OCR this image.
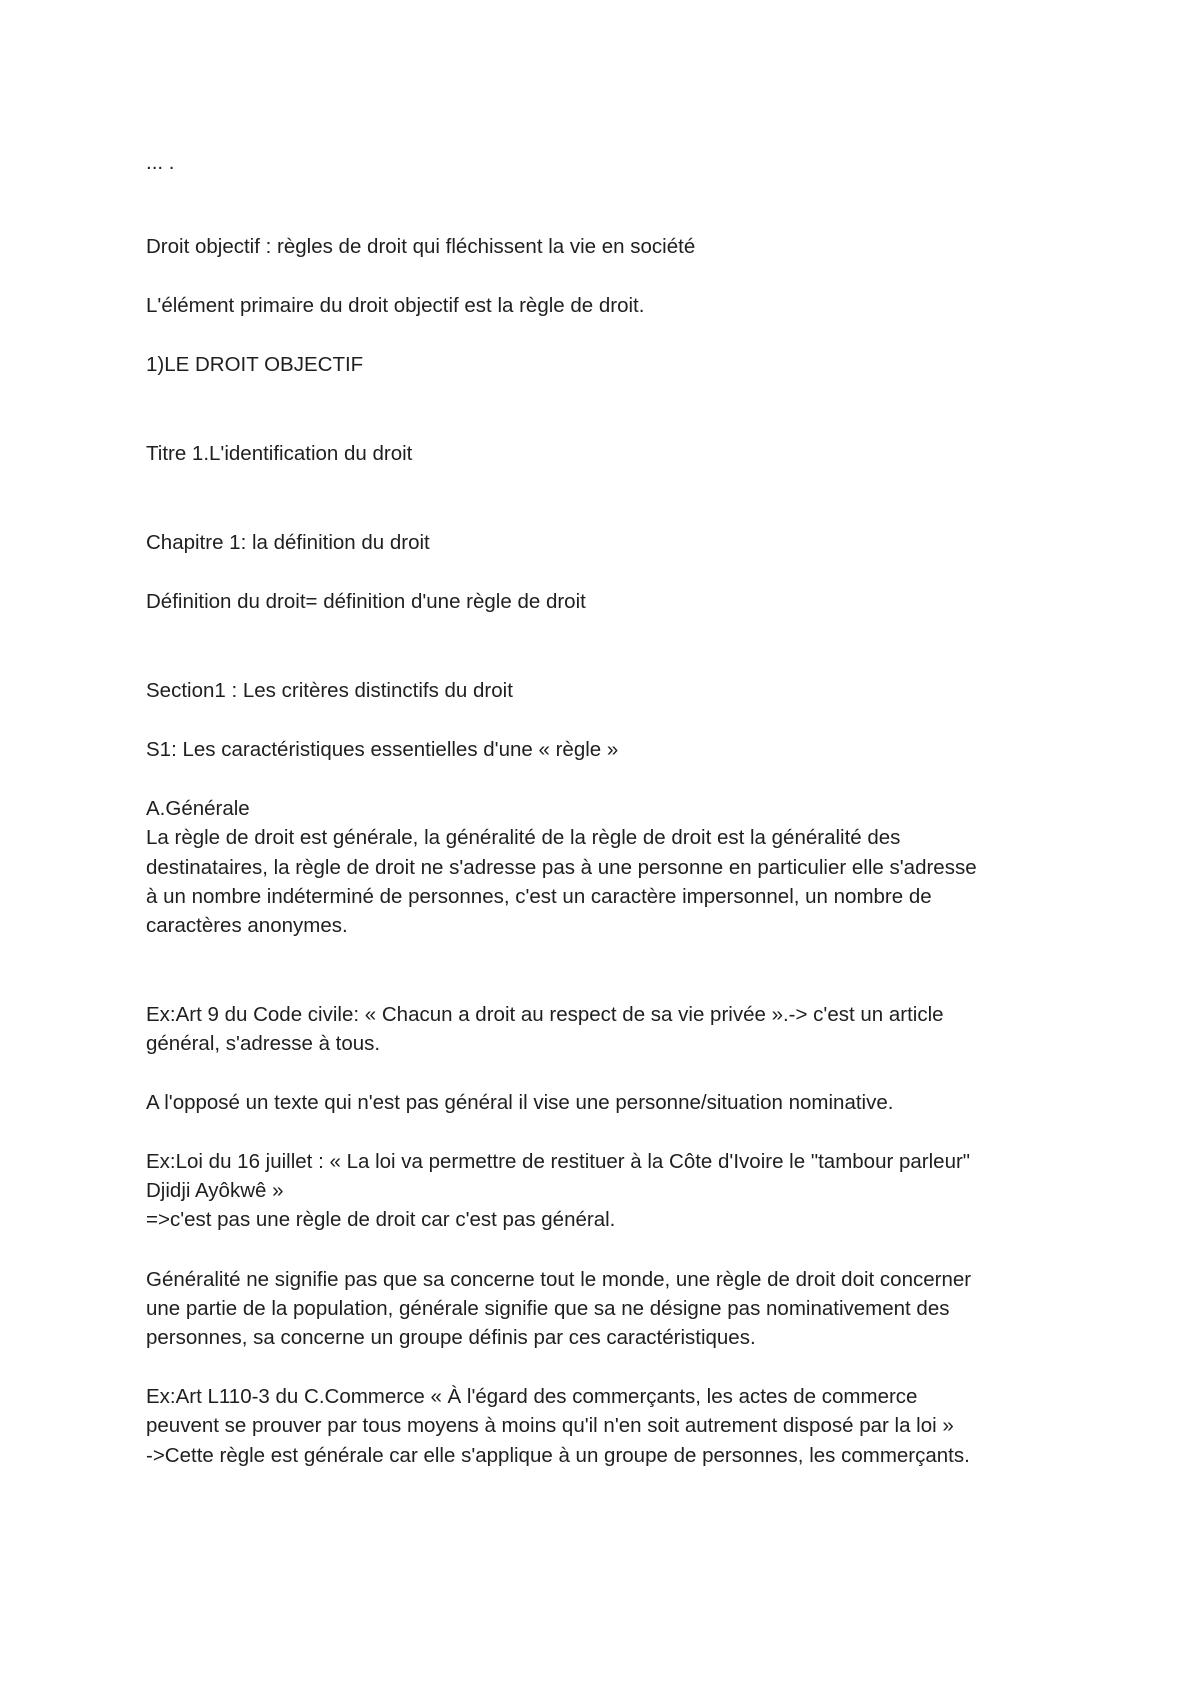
... .

Droit objectif : règles de droit qui fléchissent la vie en société

L'élément primaire du droit objectif est la règle de droit.

1)LE DROIT OBJECTIF

Titre 1.L'identification du droit

Chapitre 1: la définition du droit

Définition du droit= définition d'une règle de droit

Section1 : Les critères distinctifs du droit

S1: Les caractéristiques essentielles d'une « règle »

A.Générale

La règle de droit est générale, la généralité de la règle de droit est la généralité des

destinataires, la règle de droit ne s'adresse pas à une personne en particulier elle s'adresse

à un nombre indéterminé de personnes, c'est un caractère impersonnel, un nombre de

caractères anonymes.

Ex:Art 9 du Code civile: « Chacun a droit au respect de sa vie privée ».-> c'est un article

général, s'adresse à tous.

A l'opposé un texte qui n'est pas général il vise une personne/situation nominative.

Ex:Loi du 16 juillet : « La loi va permettre de restituer à la Côte d'Ivoire le "tambour parleur"

Djidji Ayôkwê »

=>c'est pas une règle de droit car c'est pas général.

Généralité ne signifie pas que sa concerne tout le monde, une règle de droit doit concerner

une partie de la population, générale signifie que sa ne désigne pas nominativement des

personnes, sa concerne un groupe définis par ces caractéristiques.

Ex:Art L110-3 du C.Commerce « À l'égard des commerçants, les actes de commerce

peuvent se prouver par tous moyens à moins qu'il n'en soit autrement disposé par la loi »

->Cette règle est générale car elle s'applique à un groupe de personnes, les commerçants.
